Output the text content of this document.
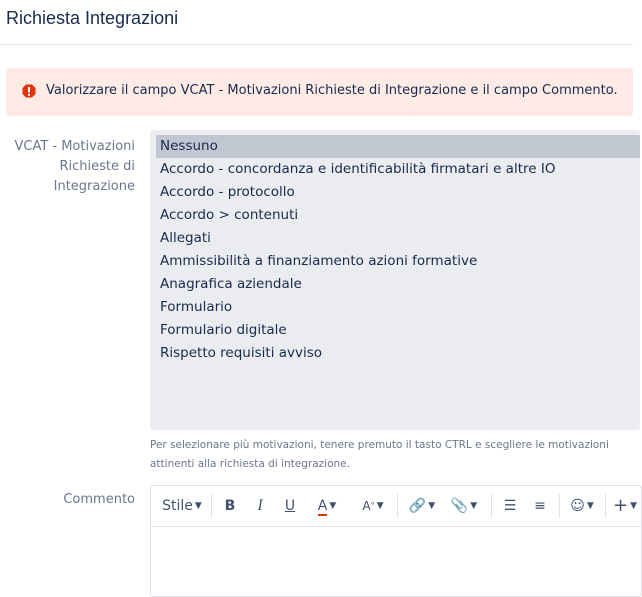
Richiesta Integrazioni
Valorizzare il campo VCAT - Motivazioni Richieste di Integrazione e il campo Commento.
VCAT - Motivazioni Richieste di Integrazione
Nessuno
Accordo - concordanza e identificabilità firmatari e altre IO
Accordo - protocollo
Accordo > contenuti
Allegati
Ammissibilità a finanziamento azioni formative
Anagrafica aziendale
Formulario
Formulario digitale
Rispetto requisiti avviso
Per selezionare più motivazioni, tenere premuto il tasto CTRL e scegliere le motivazioni attinenti alla richiesta di integrazione.
Commento Stile ▼ B	I	U	A ▼	A° ▼	🔗 ▼ 📎 ▼ ☰ ≡ ☺ ▼ + ▼
